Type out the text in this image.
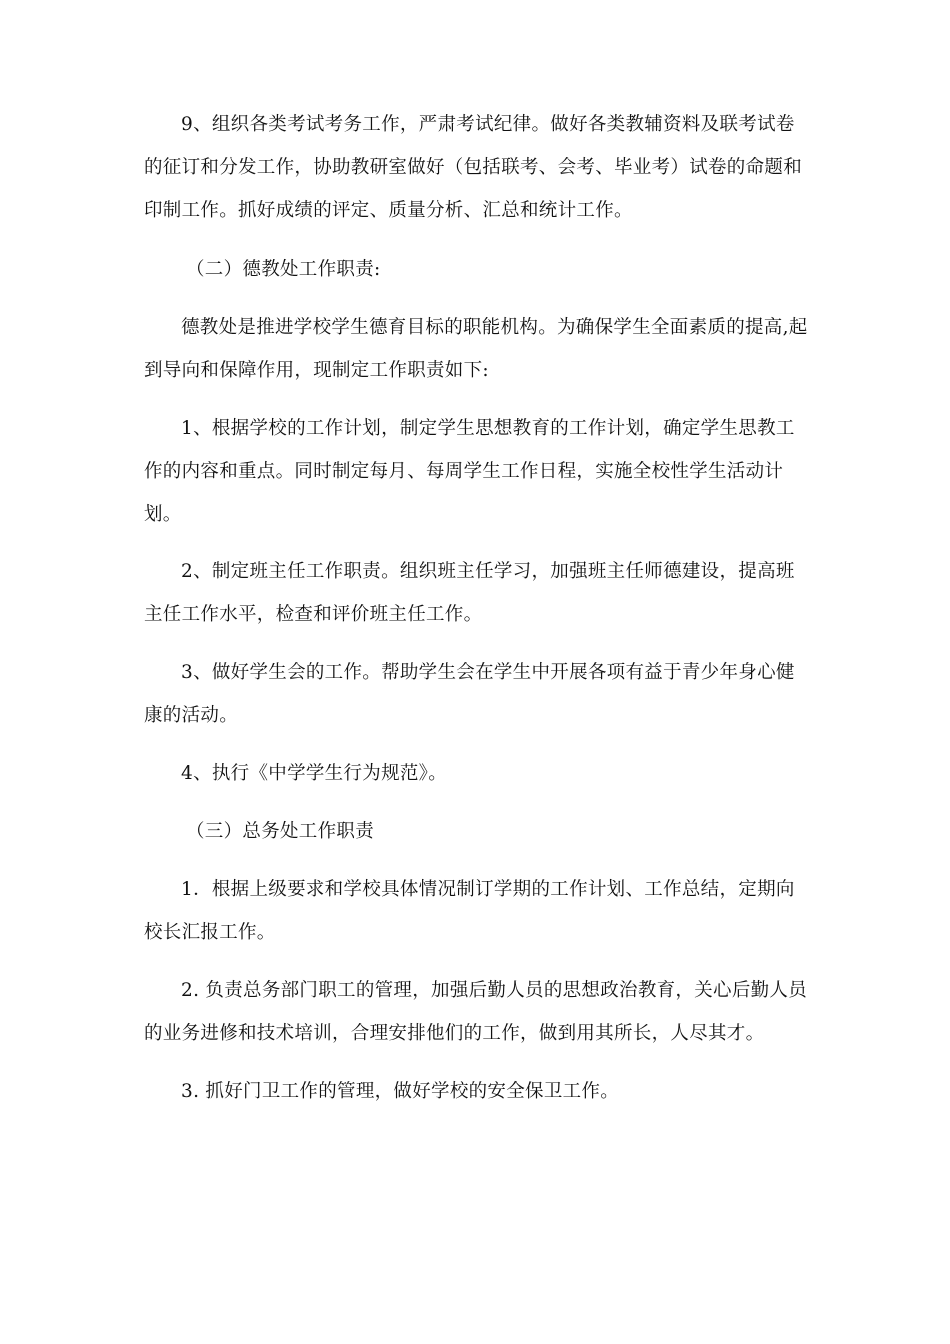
9、组织各类考试考务工作，严肃考试纪律。做好各类教辅资料及联考试卷的征订和分发工作，协助教研室做好（包括联考、会考、毕业考）试卷的命题和印制工作。抓好成绩的评定、质量分析、汇总和统计工作。

（二）德教处工作职责:

德教处是推进学校学生德育目标的职能机构。为确保学生全面素质的提高,起到导向和保障作用，现制定工作职责如下:

1、根据学校的工作计划，制定学生思想教育的工作计划，确定学生思教工作的内容和重点。同时制定每月、每周学生工作日程，实施全校性学生活动计划。

2、制定班主任工作职责。组织班主任学习，加强班主任师德建设，提高班主任工作水平，检查和评价班主任工作。

3、做好学生会的工作。帮助学生会在学生中开展各项有益于青少年身心健康的活动。

4、执行《中学学生行为规范》。

（三）总务处工作职责

1．根据上级要求和学校具体情况制订学期的工作计划、工作总结，定期向校长汇报工作。

2. 负责总务部门职工的管理，加强后勤人员的思想政治教育，关心后勤人员的业务进修和技术培训，合理安排他们的工作，做到用其所长，人尽其才。

3. 抓好门卫工作的管理，做好学校的安全保卫工作。
